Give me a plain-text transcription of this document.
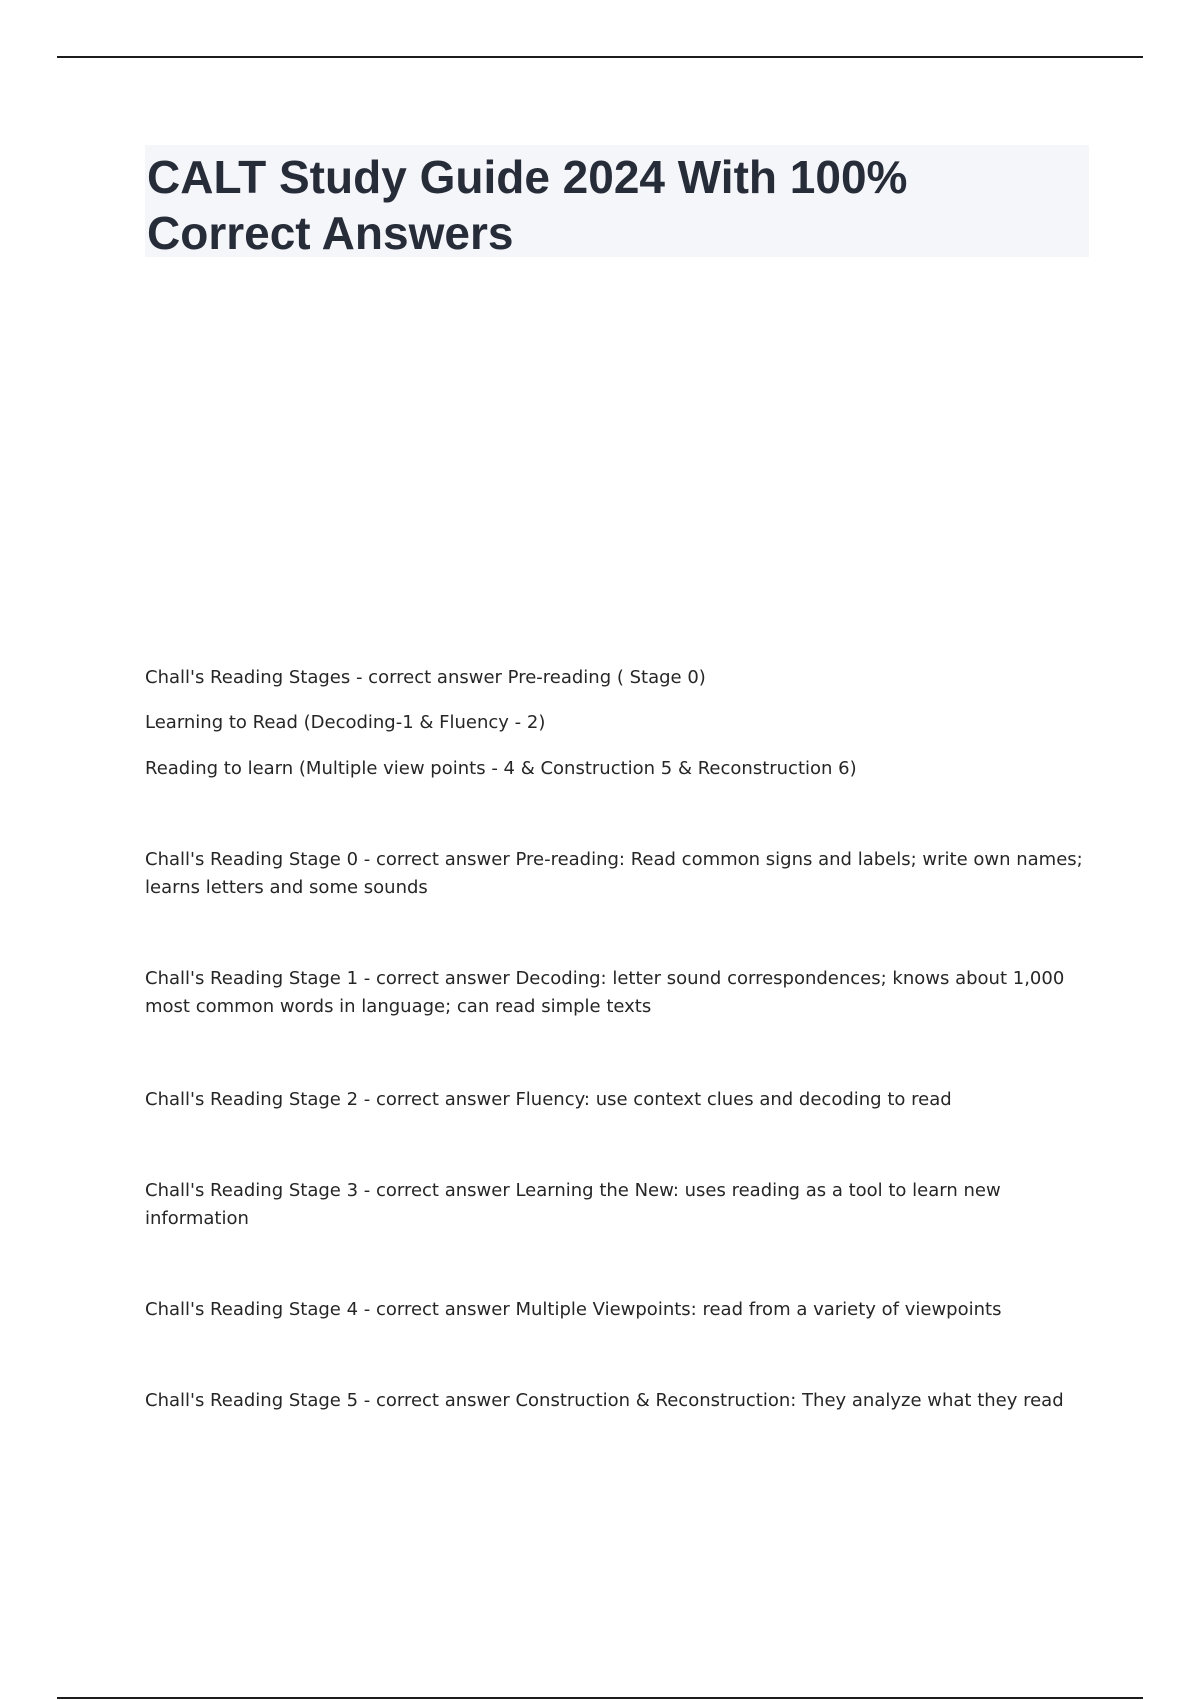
CALT Study Guide 2024 With 100% Correct Answers

Chall's Reading Stages - correct answer Pre-reading ( Stage 0)

Learning to Read (Decoding-1 & Fluency - 2)

Reading to learn (Multiple view points - 4 & Construction 5 & Reconstruction 6)

Chall's Reading Stage 0 - correct answer Pre-reading: Read common signs and labels; write own names; learns letters and some sounds

Chall's Reading Stage 1 - correct answer Decoding: letter sound correspondences; knows about 1,000 most common words in language; can read simple texts

Chall's Reading Stage 2 - correct answer Fluency: use context clues and decoding to read

Chall's Reading Stage 3 - correct answer Learning the New: uses reading as a tool to learn new information

Chall's Reading Stage 4 - correct answer Multiple Viewpoints: read from a variety of viewpoints

Chall's Reading Stage 5 - correct answer Construction & Reconstruction: They analyze what they read
